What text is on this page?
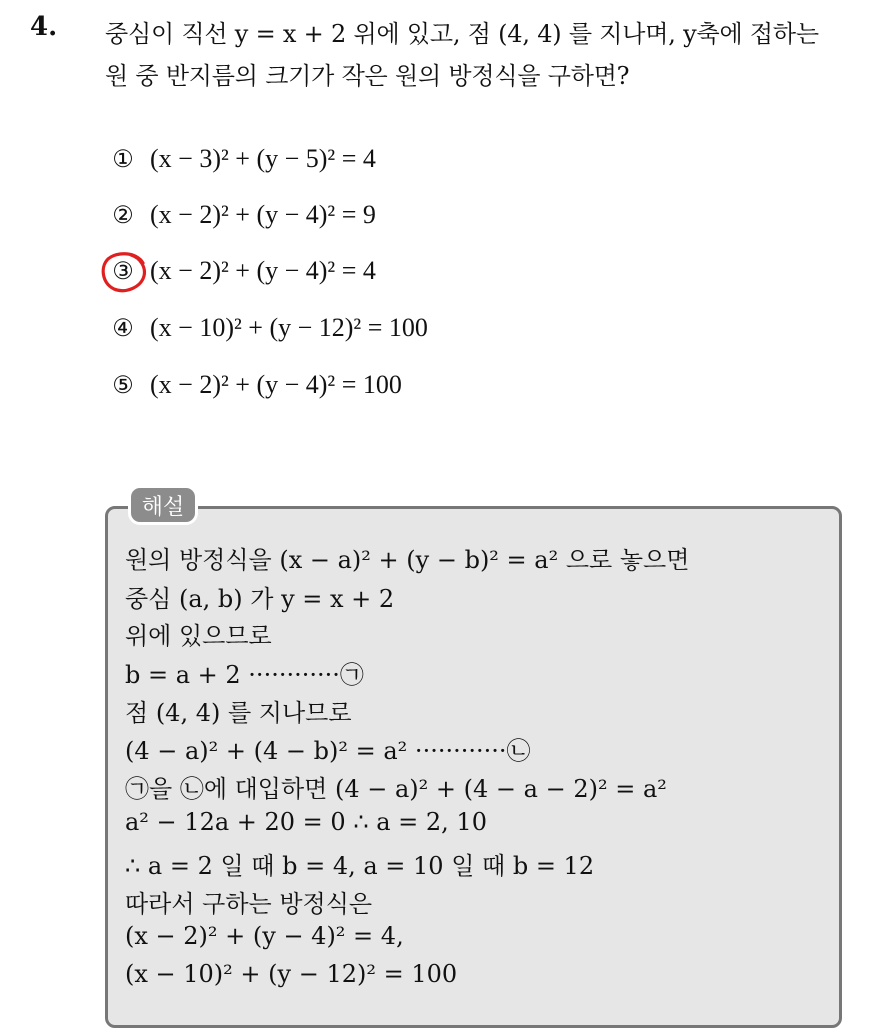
4. 중심이 직선 y = x + 2 위에 있고, 점 (4, 4) 를 지나며, y축에 접하는
원 중 반지름의 크기가 작은 원의 방정식을 구하면?
① (x − 3)² + (y − 5)² = 4
② (x − 2)² + (y − 4)² = 9
③ (x − 2)² + (y − 4)² = 4
④ (x − 10)² + (y − 12)² = 100
⑤ (x − 2)² + (y − 4)² = 100
해설
원의 방정식을 (x − a)² + (y − b)² = a² 으로 놓으면
중심 (a, b) 가 y = x + 2
위에 있으므로
b = a + 2 ············㉠
점 (4, 4) 를 지나므로
(4 − a)² + (4 − b)² = a² ············㉡
㉠을 ㉡에 대입하면 (4 − a)² + (4 − a − 2)² = a²
a² − 12a + 20 = 0 ∴ a = 2, 10
∴ a = 2 일 때 b = 4, a = 10 일 때 b = 12
따라서 구하는 방정식은
(x − 2)² + (y − 4)² = 4,
(x − 10)² + (y − 12)² = 100
